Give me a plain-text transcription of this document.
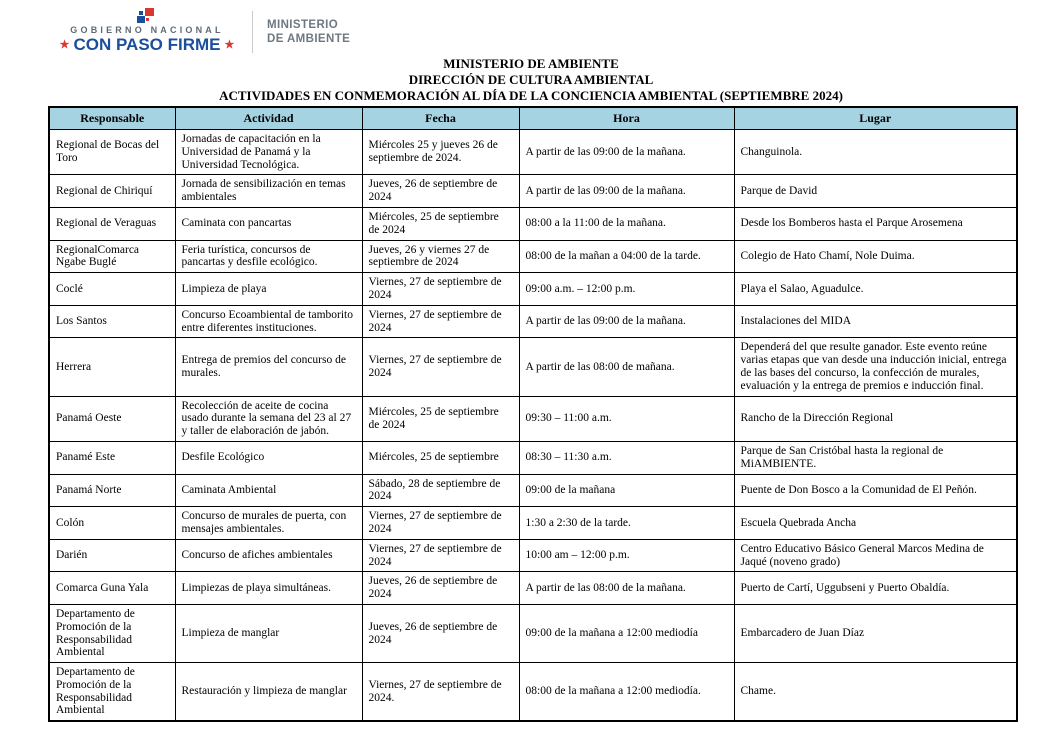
GOBIERNO NACIONAL
★ CON PASO FIRME ★
MINISTERIO
DE AMBIENTE
MINISTERIO DE AMBIENTE
DIRECCIÓN DE CULTURA AMBIENTAL
ACTIVIDADES EN CONMEMORACIÓN AL DÍA DE LA CONCIENCIA AMBIENTAL (SEPTIEMBRE 2024)
Responsable	Actividad	Fecha	Hora	Lugar
Regional de Bocas del Toro	Jornadas de capacitación en la Universidad de Panamá y la Universidad Tecnológica.	Miércoles 25 y jueves 26 de septiembre de 2024.	A partir de las 09:00 de la mañana.	Changuinola.
Regional de Chiriquí	Jornada de sensibilización en temas ambientales	Jueves, 26 de septiembre de 2024	A partir de las 09:00 de la mañana.	Parque de David
Regional de Veraguas	Caminata con pancartas	Miércoles, 25 de septiembre de 2024	08:00 a la 11:00 de la mañana.	Desde los Bomberos hasta el Parque Arosemena
RegionalComarca Ngabe Buglé	Feria turística, concursos de pancartas y desfile ecológico.	Jueves, 26 y viernes 27 de septiembre de 2024	08:00 de la mañan a 04:00 de la tarde.	Colegio de Hato Chamí, Nole Duima.
Coclé	Limpieza de playa	Viernes, 27 de septiembre de 2024	09:00 a.m. – 12:00 p.m.	Playa el Salao, Aguadulce.
Los Santos	Concurso Ecoambiental de tamborito entre diferentes instituciones.	Viernes, 27 de septiembre de 2024	A partir de las 09:00 de la mañana.	Instalaciones del MIDA
Herrera	Entrega de premios del concurso de murales.	Viernes, 27 de septiembre de 2024	A partir de las 08:00 de mañana.	Dependerá del que resulte ganador. Este evento reúne varias etapas que van desde una inducción inicial, entrega de las bases del concurso, la confección de murales, evaluación y la entrega de premios e inducción final.
Panamá Oeste	Recolección de aceite de cocina usado durante la semana del 23 al 27 y taller de elaboración de jabón.	Miércoles, 25 de septiembre de 2024	09:30 – 11:00 a.m.	Rancho de la Dirección Regional
Panamé Este	Desfile Ecológico	Miércoles, 25 de septiembre	08:30 – 11:30 a.m.	Parque de San Cristóbal hasta la regional de MiAMBIENTE.
Panamá Norte	Caminata Ambiental	Sábado, 28 de septiembre de 2024	09:00 de la mañana	Puente de Don Bosco a la Comunidad de El Peñón.
Colón	Concurso de murales de puerta, con mensajes ambientales.	Viernes, 27 de septiembre de 2024	1:30 a 2:30 de la tarde.	Escuela Quebrada Ancha
Darién	Concurso de afiches ambientales	Viernes, 27 de septiembre de 2024	10:00 am – 12:00 p.m.	Centro Educativo Básico General Marcos Medina de Jaqué (noveno grado)
Comarca Guna Yala	Limpiezas de playa simultáneas.	Jueves, 26 de septiembre de 2024	A partir de las 08:00 de la mañana.	Puerto de Cartí, Uggubseni y Puerto Obaldía.
Departamento de Promoción de la Responsabilidad Ambiental	Limpieza de manglar	Jueves, 26 de septiembre de 2024	09:00 de la mañana a 12:00 mediodía	Embarcadero de Juan Díaz
Departamento de Promoción de la Responsabilidad Ambiental	Restauración y limpieza de manglar	Viernes, 27 de septiembre de 2024.	08:00 de la mañana a 12:00 mediodía.	Chame.
